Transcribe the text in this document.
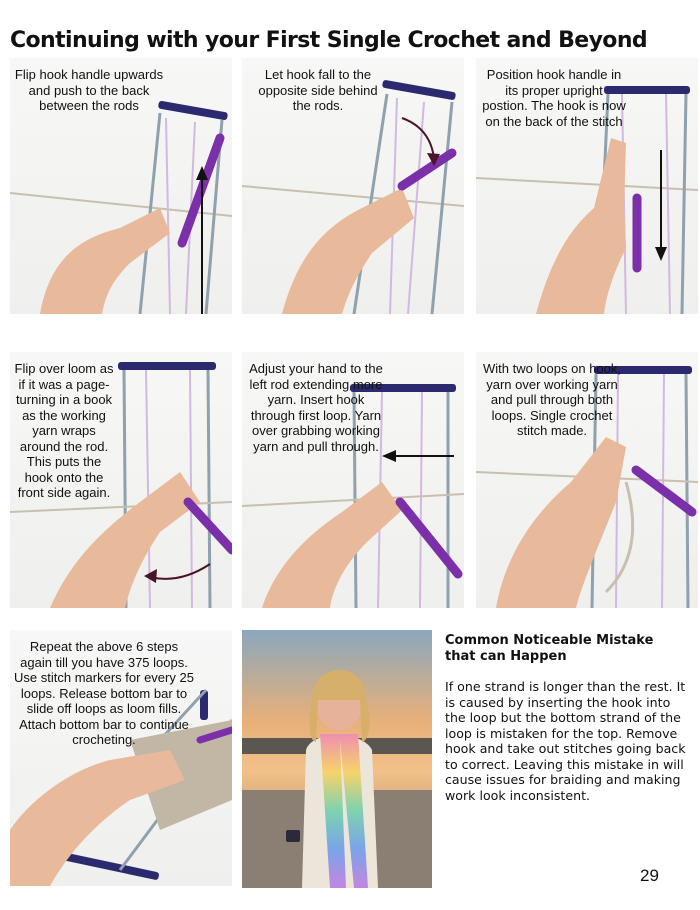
Continuing with your First Single Crochet and Beyond
Flip hook handle upwards and push to the back between the rods
Let hook fall to the opposite side behind the rods.
Position hook handle in its proper upright postion. The hook is now on the back of the stitch
Flip over loom as if it was a page-turning in a book as the working yarn wraps around the rod. This puts the hook onto the front side again.
Adjust your hand to the left rod extending more yarn. Insert hook through first loop. Yarn over grabbing working yarn and pull through.
With two loops on hook, yarn over working yarn and pull through both loops. Single crochet stitch made.
Repeat the above 6 steps again till you have 375 loops. Use stitch markers for every 25 loops. Release bottom bar to slide off loops as loom fills. Attach bottom bar to continue crocheting.
Common Noticeable Mistake that can Happen
If one strand is longer than the rest. It is caused by inserting the hook into the loop but the bottom strand of the loop is mistaken for the top. Remove hook and take out stitches going back to correct. Leaving this mistake in will cause issues for braiding and making work look inconsistent.
29
